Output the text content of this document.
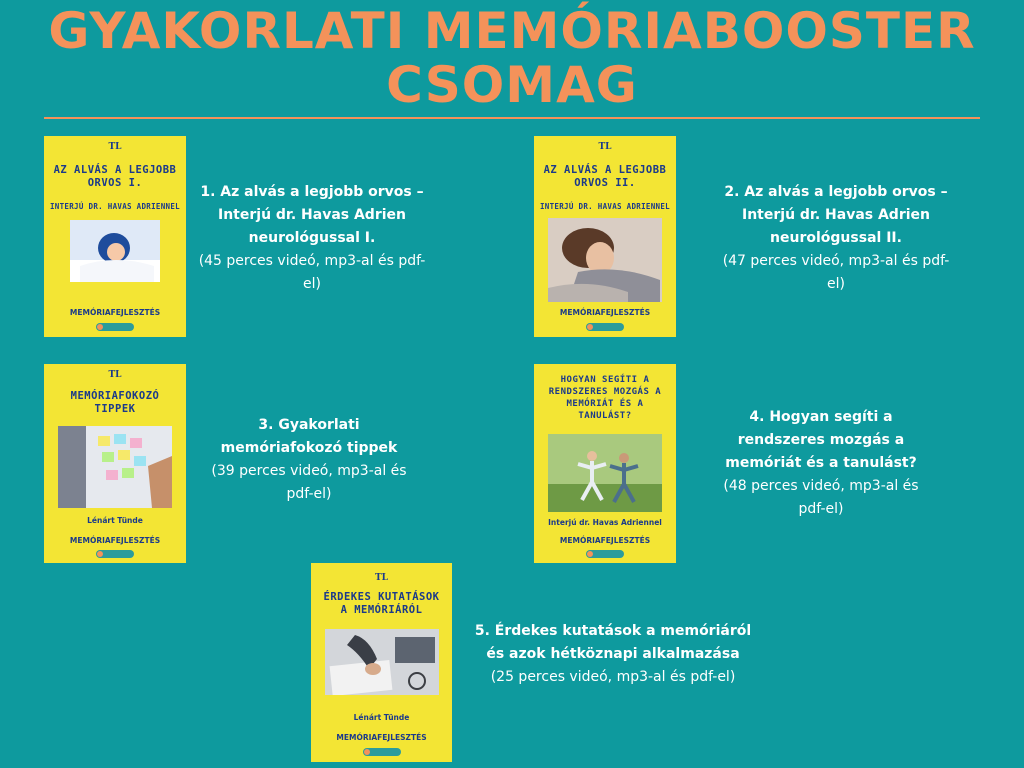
GYAKORLATI MEMÓRIABOOSTER
CSOMAG
TL
AZ ALVÁS A LEGJOBB ORVOS I.
INTERJÚ DR. HAVAS ADRIENNEL
MEMÓRIAFEJLESZTÉS
1. Az alvás a legjobb orvos – Interjú dr. Havas Adrien neurológussal I.
(45 perces videó, mp3-al és pdf-el)
TL
AZ ALVÁS A LEGJOBB ORVOS II.
INTERJÚ DR. HAVAS ADRIENNEL
MEMÓRIAFEJLESZTÉS
2. Az alvás a legjobb orvos – Interjú dr. Havas Adrien neurológussal II.
(47 perces videó, mp3-al és pdf-el)
TL
MEMÓRIAFOKOZÓ TIPPEK
Lénárt Tünde
MEMÓRIAFEJLESZTÉS
3. Gyakorlati memóriafokozó tippek
(39 perces videó, mp3-al és pdf-el)
HOGYAN SEGÍTI A RENDSZERES MOZGÁS A MEMÓRIÁT ÉS A TANULÁST?
Interjú dr. Havas Adriennel
MEMÓRIAFEJLESZTÉS
4. Hogyan segíti a rendszeres mozgás a memóriát és a tanulást?
(48 perces videó, mp3-al és pdf-el)
TL
ÉRDEKES KUTATÁSOK A MEMÓRIÁRÓL
Lénárt Tünde
MEMÓRIAFEJLESZTÉS
5. Érdekes kutatások a memóriáról és azok hétköznapi alkalmazása
(25 perces videó, mp3-al és pdf-el)
